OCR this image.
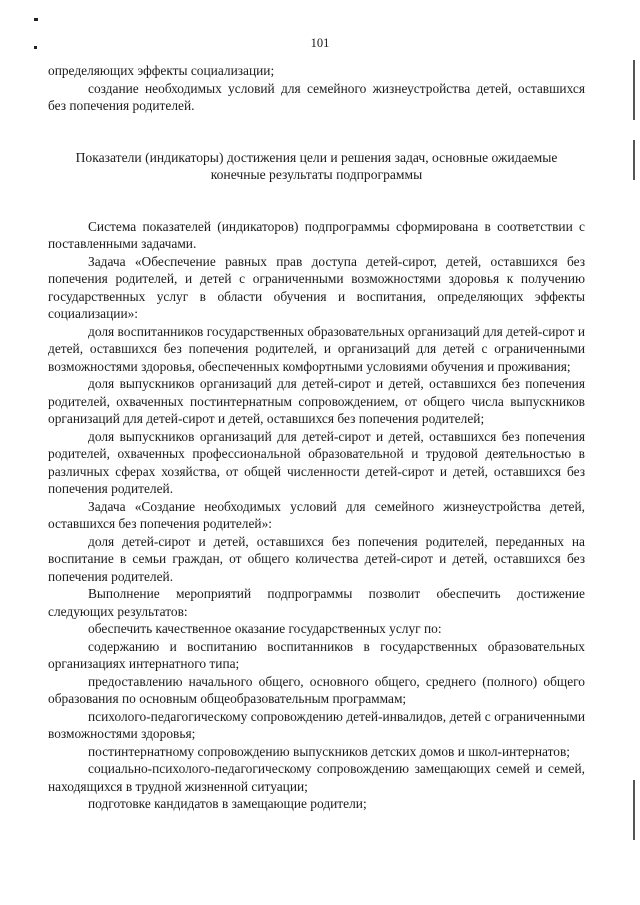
101

определяющих эффекты социализации;

создание необходимых условий для семейного жизнеустройства детей, оставшихся без попечения родителей.

Показатели (индикаторы) достижения цели и решения задач, основные ожидаемые конечные результаты подпрограммы

Система показателей (индикаторов) подпрограммы сформирована в соответствии с поставленными задачами.

Задача «Обеспечение равных прав доступа детей-сирот, детей, оставшихся без попечения родителей, и детей с ограниченными возможностями здоровья к получению государственных услуг в области обучения и воспитания, определяющих эффекты социализации»:

доля воспитанников государственных образовательных организаций для детей-сирот и детей, оставшихся без попечения родителей, и организаций для детей с ограниченными возможностями здоровья, обеспеченных комфортными условиями обучения и проживания;

доля выпускников организаций для детей-сирот и детей, оставшихся без попечения родителей, охваченных постинтернатным сопровождением, от общего числа выпускников организаций для детей-сирот и детей, оставшихся без попечения родителей;

доля выпускников организаций для детей-сирот и детей, оставшихся без попечения родителей, охваченных профессиональной образовательной и трудовой деятельностью в различных сферах хозяйства, от общей численности детей-сирот и детей, оставшихся без попечения родителей.

Задача «Создание необходимых условий для семейного жизнеустройства детей, оставшихся без попечения родителей»:

доля детей-сирот и детей, оставшихся без попечения родителей, переданных на воспитание в семьи граждан, от общего количества детей-сирот и детей, оставшихся без попечения родителей.

Выполнение мероприятий подпрограммы позволит обеспечить достижение следующих результатов:

обеспечить качественное оказание государственных услуг по:

содержанию и воспитанию воспитанников в государственных образовательных организациях интернатного типа;

предоставлению начального общего, основного общего, среднего (полного) общего образования по основным общеобразовательным программам;

психолого-педагогическому сопровождению детей-инвалидов, детей с ограниченными возможностями здоровья;

постинтернатному сопровождению выпускников детских домов и школ-интернатов;

социально-психолого-педагогическому сопровождению замещающих семей и семей, находящихся в трудной жизненной ситуации;

подготовке кандидатов в замещающие родители;
